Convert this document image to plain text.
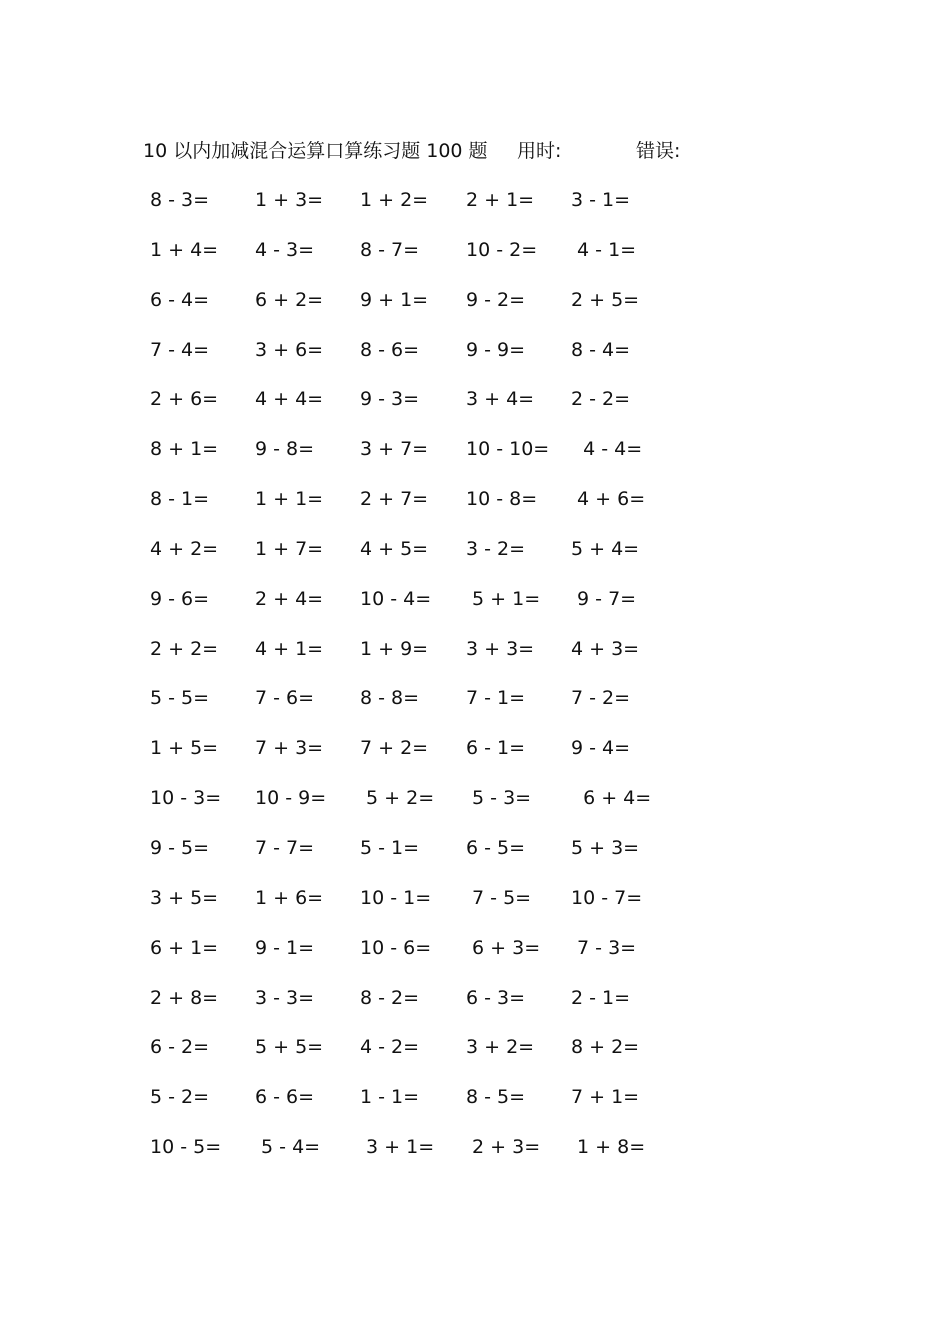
10 以内加减混合运算口算练习题 100 题 用时:	错误:
8 - 3= 1 + 3= 1 + 2= 2 + 1= 3 - 1=
1 + 4= 4 - 3= 8 - 7= 10 - 2= 4 - 1=
6 - 4= 6 + 2= 9 + 1= 9 - 2= 2 + 5=
7 - 4= 3 + 6= 8 - 6= 9 - 9= 8 - 4=
2 + 6= 4 + 4= 9 - 3= 3 + 4= 2 - 2=
8 + 1= 9 - 8= 3 + 7= 10 - 10= 4 - 4=
8 - 1= 1 + 1= 2 + 7= 10 - 8= 4 + 6=
4 + 2= 1 + 7= 4 + 5= 3 - 2= 5 + 4=
9 - 6= 2 + 4= 10 - 4= 5 + 1= 9 - 7=
2 + 2= 4 + 1= 1 + 9= 3 + 3= 4 + 3=
5 - 5= 7 - 6= 8 - 8= 7 - 1= 7 - 2=
1 + 5= 7 + 3= 7 + 2= 6 - 1= 9 - 4=
10 - 3= 10 - 9= 5 + 2= 5 - 3= 6 + 4=
9 - 5= 7 - 7= 5 - 1= 6 - 5= 5 + 3=
3 + 5= 1 + 6= 10 - 1= 7 - 5= 10 - 7=
6 + 1= 9 - 1= 10 - 6= 6 + 3= 7 - 3=
2 + 8= 3 - 3= 8 - 2= 6 - 3= 2 - 1=
6 - 2= 5 + 5= 4 - 2= 3 + 2= 8 + 2=
5 - 2= 6 - 6= 1 - 1= 8 - 5= 7 + 1=
10 - 5= 5 - 4= 3 + 1= 2 + 3= 1 + 8=
